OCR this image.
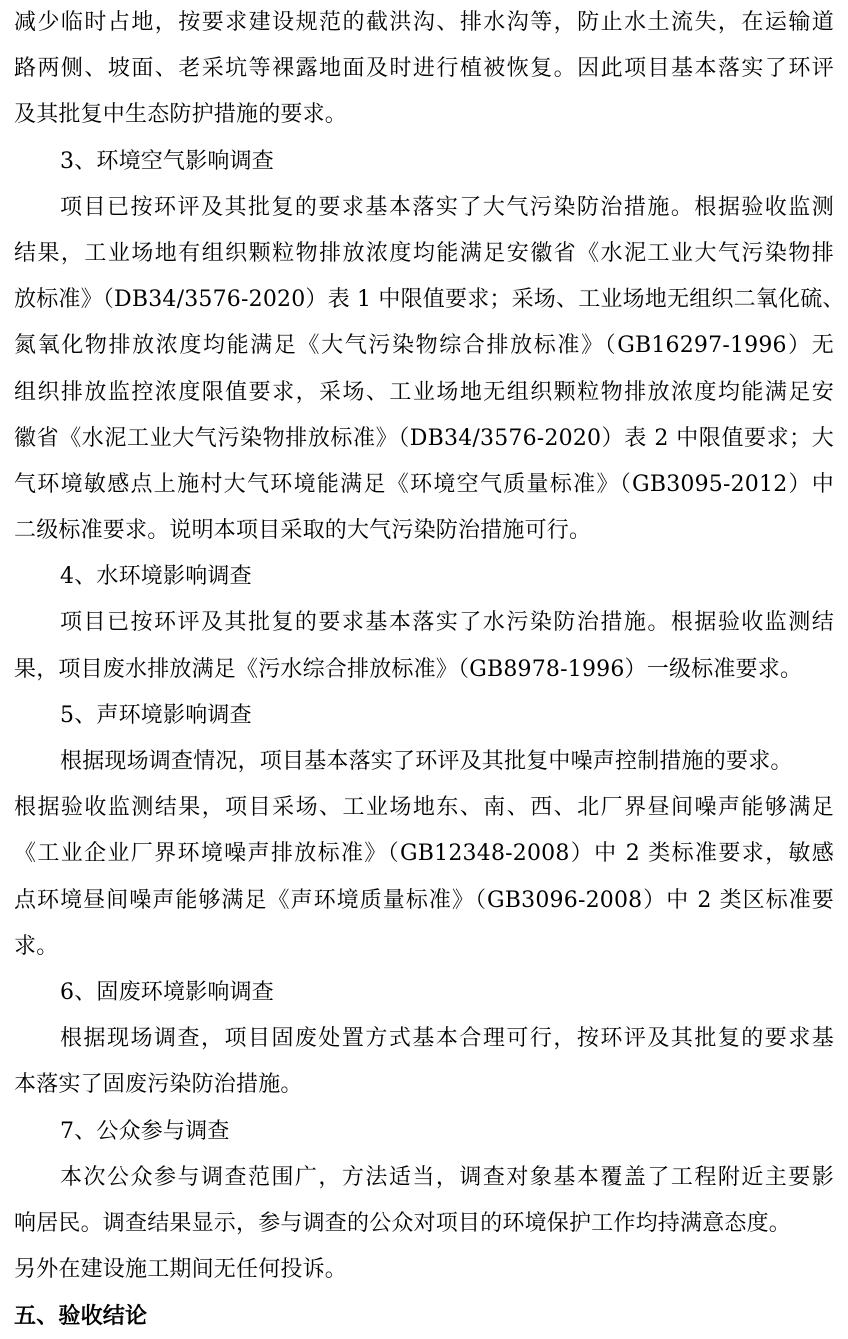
减少临时占地，按要求建设规范的截洪沟、排水沟等，防止水土流失，在运输道
路两侧、坡面、老采坑等裸露地面及时进行植被恢复。因此项目基本落实了环评
及其批复中生态防护措施的要求。
3、环境空气影响调查
项目已按环评及其批复的要求基本落实了大气污染防治措施。根据验收监测
结果，工业场地有组织颗粒物排放浓度均能满足安徽省《水泥工业大气污染物排
放标准》（DB34/3576-2020）表 1 中限值要求；采场、工业场地无组织二氧化硫、
氮氧化物排放浓度均能满足《大气污染物综合排放标准》（GB16297-1996）无
组织排放监控浓度限值要求，采场、工业场地无组织颗粒物排放浓度均能满足安
徽省《水泥工业大气污染物排放标准》（DB34/3576-2020）表 2 中限值要求；大
气环境敏感点上施村大气环境能满足《环境空气质量标准》（GB3095-2012）中
二级标准要求。说明本项目采取的大气污染防治措施可行。
4、水环境影响调查
项目已按环评及其批复的要求基本落实了水污染防治措施。根据验收监测结
果，项目废水排放满足《污水综合排放标准》（GB8978-1996）一级标准要求。
5、声环境影响调查
根据现场调查情况，项目基本落实了环评及其批复中噪声控制措施的要求。
根据验收监测结果，项目采场、工业场地东、南、西、北厂界昼间噪声能够满足
《工业企业厂界环境噪声排放标准》（GB12348-2008）中 2 类标准要求，敏感
点环境昼间噪声能够满足《声环境质量标准》（GB3096-2008）中 2 类区标准要
求。
6、固废环境影响调查
根据现场调查，项目固废处置方式基本合理可行，按环评及其批复的要求基
本落实了固废污染防治措施。
7、公众参与调查
本次公众参与调查范围广，方法适当，调查对象基本覆盖了工程附近主要影
响居民。调查结果显示，参与调查的公众对项目的环境保护工作均持满意态度。
另外在建设施工期间无任何投诉。
五、验收结论
